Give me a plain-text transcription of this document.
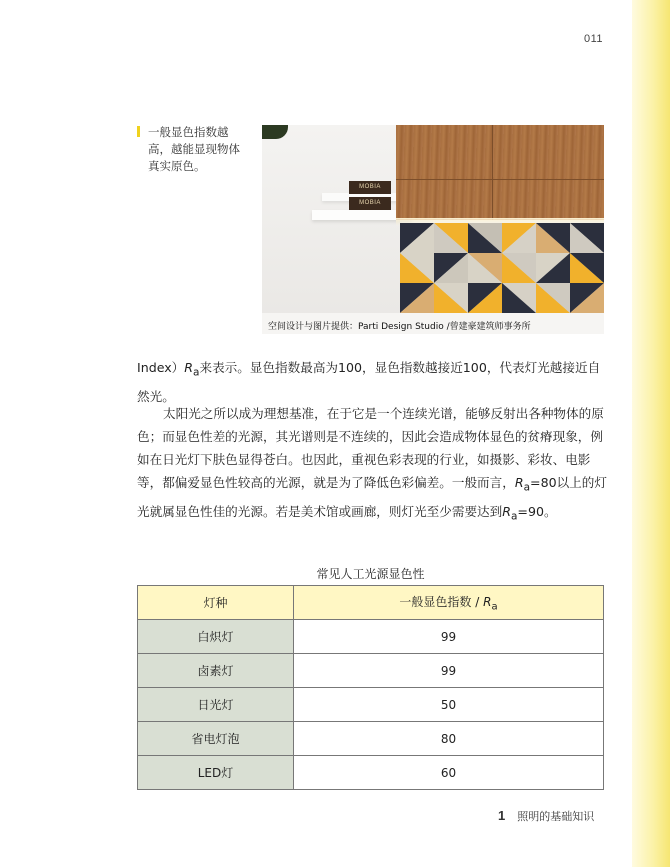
011
一般显色指数越高，越能显现物体真实原色。
MOBIA
MOBIA
空间设计与图片提供：Parti Design Studio /曾建豪建筑师事务所
$Index)R_a$来表示。显色指数最高为100，显色指数越接近100，代表灯光越接近自然光。
太阳光之所以成为理想基准，在于它是一个连续光谱，能够反射出各种物体的原色；而显色性差的光源，其光谱则是不连续的，因此会造成物体显色的贫瘠现象，例如在日光灯下肤色显得苍白。也因此，重视色彩表现的行业，如摄影、彩妆、电影等，都偏爱显色性较高的光源，就是为了降低色彩偏差。一般而言，$R_a=80$以上的灯光就属显色性佳的光源。若是美术馆或画廊，则灯光至少需要达到$R_a=90$。
常见人工光源显色性
灯种	一般显色指数 / $R_a$
白炽灯	99
卤素灯	99
日光灯	50
省电灯泡	80
LED灯	60
1 照明的基础知识
